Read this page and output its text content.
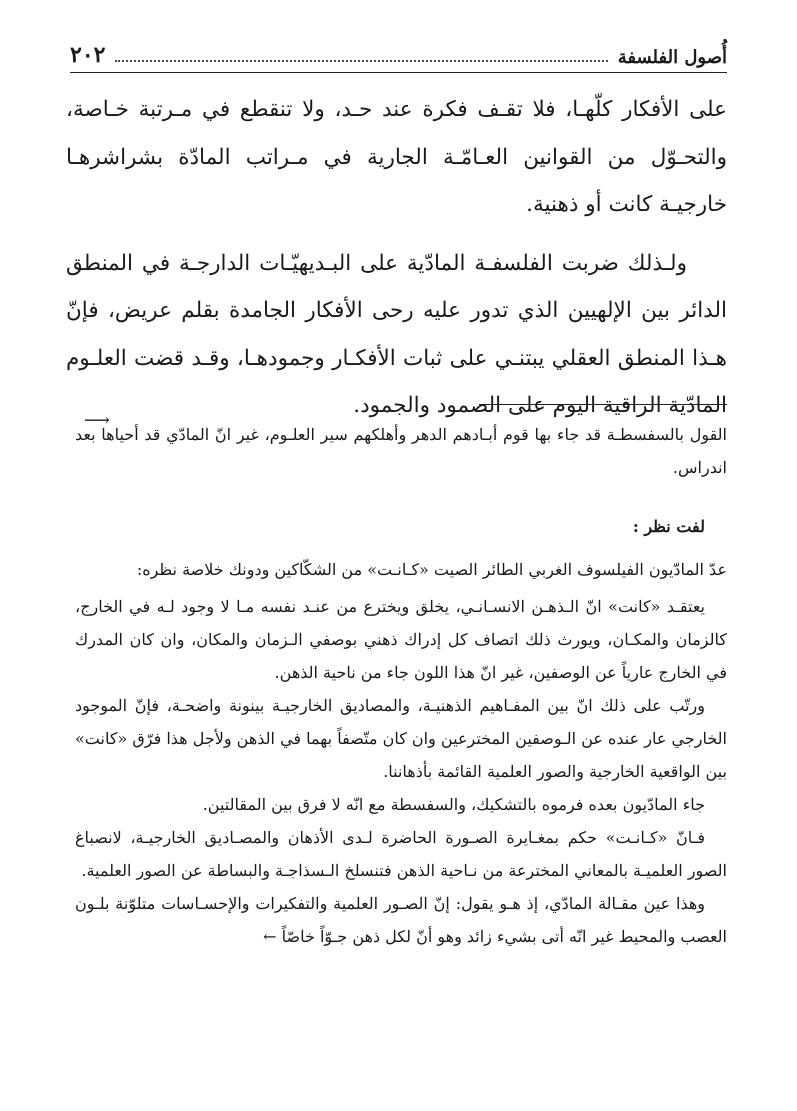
۲۰۲	أُصول الفلسفة

على الأفكار كلّهـا، فلا تقـف فكرة عند حـد، ولا تنقطع في مـرتبة خـاصة، والتحـوّل من القوانين العـامّـة الجارية في مـراتب المادّة بشراشرهـا خارجيـة كانت أو ذهنية.

ولـذلك ضربت الفلسفـة المادّية على البـديهيّـات الدارجـة في المنطق الدائر بين الإلهيين الذي تدور عليه رحى الأفكار الجامدة بقلم عريض، فإنّ هـذا المنطق العقلي يبتنـي على ثبات الأفكـار وجمودهـا، وقـد قضت العلـوم المادّية الراقية اليوم على الصمود والجمود.

⟶

القول بالسفسطـة قد جاء بها قوم أبـادهم الدهر وأهلكهم سير العلـوم، غير انّ المادّي قد أحياها بعد اندراس.

لفت نظر :

عدّ المادّيون الفيلسوف الغربي الطائر الصيت «كـانـت» من الشكّاكين ودونك خلاصة نظره:

يعتقـد «كانت» انّ الـذهـن الانسـانـي، يخلق ويخترع من عنـد نفسه مـا لا وجود لـه في الخارج، كالزمان والمكـان، ويورث ذلك اتصاف كل إدراك ذهني بوصفي الـزمان والمكان، وان كان المدرك في الخارج عارياً عن الوصفين، غير انّ هذا اللون جاء من ناحية الذهن.

ورتّب على ذلك انّ بين المفـاهيم الذهنيـة، والمصاديق الخارجيـة بينونة واضحـة، فإنّ الموجود الخارجي عار عنده عن الـوصفين المخترعين وان كان متّصفاً بهما في الذهن ولأجل هذا فرّق «كانت» بين الواقعية الخارجية والصور العلمية القائمة بأذهاننا.

جاء المادّيون بعده فرموه بالتشكيك، والسفسطة مع انّه لا فرق بين المقالتين.

فـانّ «كـانـت» حكم بمغـايرة الصـورة الحاضرة لـدى الأذهان والمصـاديق الخارجيـة، لانصباغ الصور العلميـة بالمعاني المخترعة من نـاحية الذهن فتنسلخ الـسذاجـة والبساطة عن الصور العلمية.

وهذا عين مقـالة المادّي، إذ هـو يقول: إنّ الصـور العلمية والتفكيرات والإحسـاسات متلوّنة بلـون العصب والمحيط غير انّه أتى بشيء زائد وهو أنّ لكل ذهن جـوّاً خاصّاً ←
